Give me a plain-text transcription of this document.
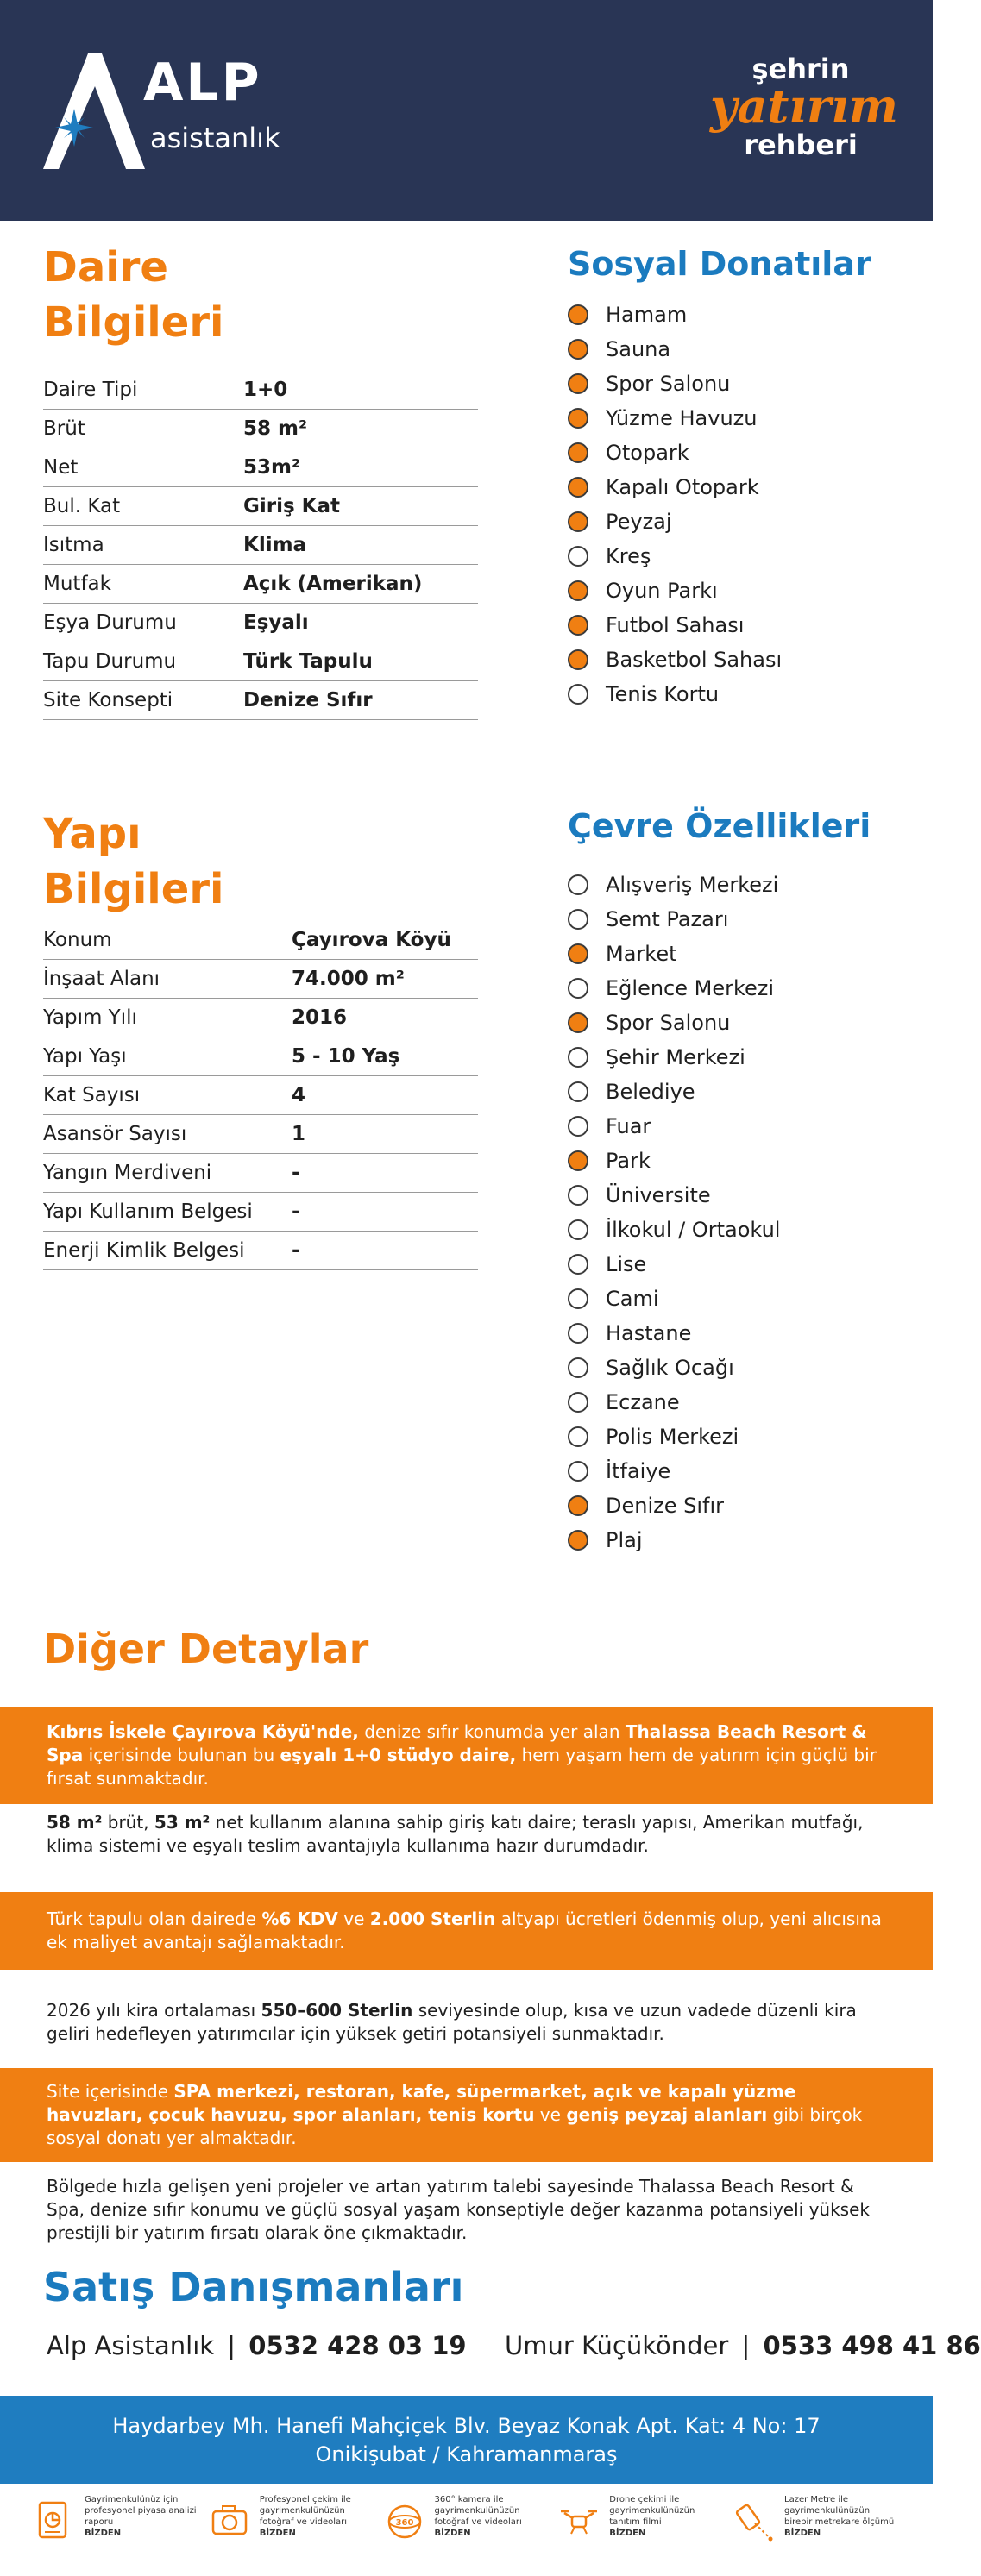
ALP
asistanlık
şehrin
yatırım
rehberi
Daire
Bilgileri
Daire Tipi	1+0
Brüt	58 m²
Net	53m²
Bul. Kat	Giriş Kat
Isıtma	Klima
Mutfak	Açık (Amerikan)
Eşya Durumu	Eşyalı
Tapu Durumu	Türk Tapulu
Site Konsepti	Denize Sıfır
Sosyal Donatılar
Hamam
Sauna
Spor Salonu
Yüzme Havuzu
Otopark
Kapalı Otopark
Peyzaj
Kreş
Oyun Parkı
Futbol Sahası
Basketbol Sahası
Tenis Kortu
Yapı
Bilgileri
Konum	Çayırova Köyü
İnşaat Alanı	74.000 m²
Yapım Yılı	2016
Yapı Yaşı	5 - 10 Yaş
Kat Sayısı	4
Asansör Sayısı	1
Yangın Merdiveni	-
Yapı Kullanım Belgesi	-
Enerji Kimlik Belgesi	-
Çevre Özellikleri
Alışveriş Merkezi
Semt Pazarı
Market
Eğlence Merkezi
Spor Salonu
Şehir Merkezi
Belediye
Fuar
Park
Üniversite
İlkokul / Ortaokul
Lise
Cami
Hastane
Sağlık Ocağı
Eczane
Polis Merkezi
İtfaiye
Denize Sıfır
Plaj
Diğer Detaylar
Kıbrıs İskele Çayırova Köyü'nde, denize sıfır konumda yer alan Thalassa Beach Resort & Spa içerisinde bulunan bu eşyalı 1+0 stüdyo daire, hem yaşam hem de yatırım için güçlü bir fırsat sunmaktadır.
58 m² brüt, 53 m² net kullanım alanına sahip giriş katı daire; teraslı yapısı, Amerikan mutfağı, klima sistemi ve eşyalı teslim avantajıyla kullanıma hazır durumdadır.
Türk tapulu olan dairede %6 KDV ve 2.000 Sterlin altyapı ücretleri ödenmiş olup, yeni alıcısına ek maliyet avantajı sağlamaktadır.
2026 yılı kira ortalaması 550–600 Sterlin seviyesinde olup, kısa ve uzun vadede düzenli kira geliri hedefleyen yatırımcılar için yüksek getiri potansiyeli sunmaktadır.
Site içerisinde SPA merkezi, restoran, kafe, süpermarket, açık ve kapalı yüzme havuzları, çocuk havuzu, spor alanları, tenis kortu ve geniş peyzaj alanları gibi birçok sosyal donatı yer almaktadır.
Bölgede hızla gelişen yeni projeler ve artan yatırım talebi sayesinde Thalassa Beach Resort & Spa, denize sıfır konumu ve güçlü sosyal yaşam konseptiyle değer kazanma potansiyeli yüksek prestijli bir yatırım fırsatı olarak öne çıkmaktadır.
Satış Danışmanları
Alp Asistanlık | 0532 428 03 19 Umur Küçükönder | 0533 498 41 86
Haydarbey Mh. Hanefi Mahçiçek Blv. Beyaz Konak Apt. Kat: 4 No: 17
Onikişubat / Kahramanmaraş
Gayrimenkulünüz için profesyonel piyasa analizi raporu
BİZDEN
Profesyonel çekim ile gayrimenkulünüzün fotoğraf ve videoları
BİZDEN
360
360° kamera ile gayrimenkulünüzün fotoğraf ve videoları
BİZDEN
Drone çekimi ile gayrimenkulünüzün tanıtım filmi
BİZDEN
Lazer Metre ile gayrimenkulünüzün birebir metrekare ölçümü
BİZDEN
